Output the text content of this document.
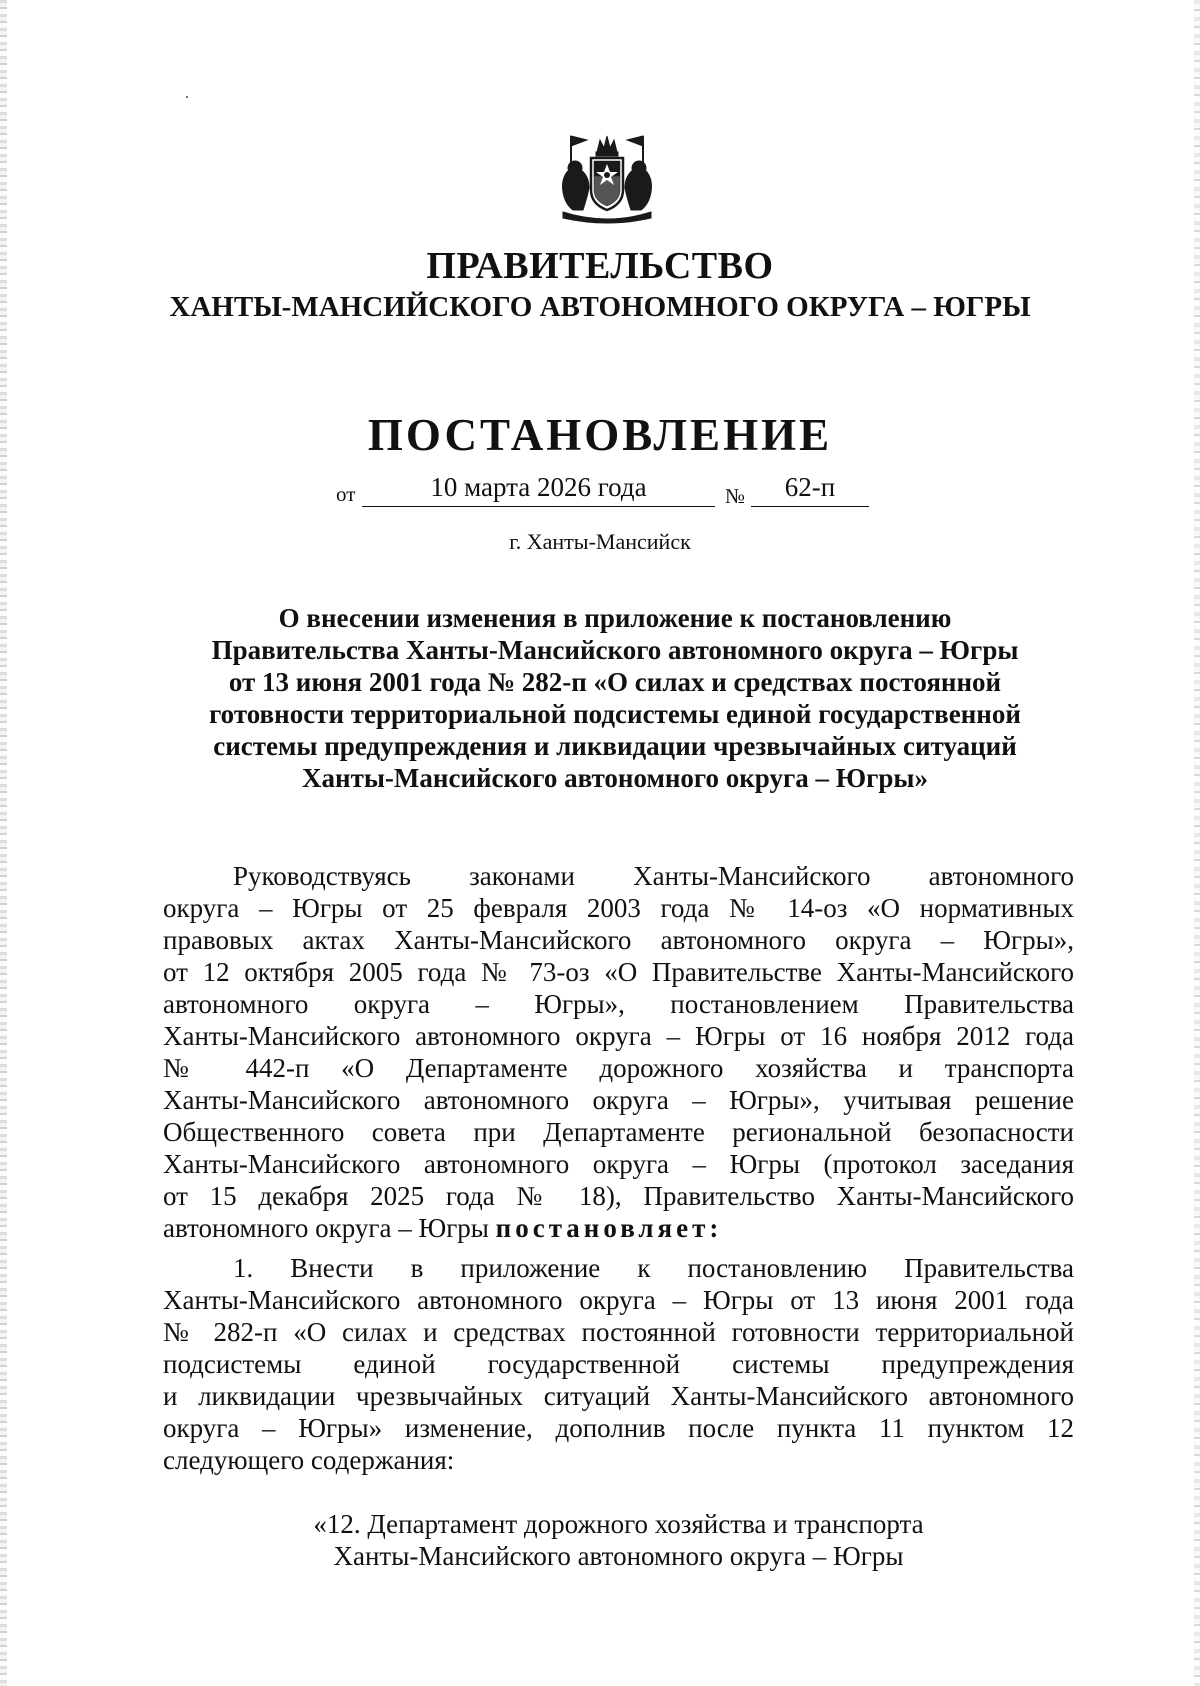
ПРАВИТЕЛЬСТВО
ХАНТЫ-МАНСИЙСКОГО АВТОНОМНОГО ОКРУГА – ЮГРЫ
ПОСТАНОВЛЕНИЕ
от	10 марта 2026 года	№	62-п
г. Ханты-Мансийск
О внесении изменения в приложение к постановлению
Правительства Ханты-Мансийского автономного округа – Югры
от 13 июня 2001 года № 282-п «О силах и средствах постоянной
готовности территориальной подсистемы единой государственной
системы предупреждения и ликвидации чрезвычайных ситуаций
Ханты-Мансийского автономного округа – Югры»
Руководствуясь законами Ханты-Мансийского автономного
округа – Югры от 25 февраля 2003 года № 14-оз «О нормативных
правовых актах Ханты-Мансийского автономного округа – Югры»,
от 12 октября 2005 года № 73-оз «О Правительстве Ханты-Мансийского
автономного округа – Югры», постановлением Правительства
Ханты-Мансийского автономного округа – Югры от 16 ноября 2012 года
№ 442-п «О Департаменте дорожного хозяйства и транспорта
Ханты-Мансийского автономного округа – Югры», учитывая решение
Общественного совета при Департаменте региональной безопасности
Ханты-Мансийского автономного округа – Югры (протокол заседания
от 15 декабря 2025 года № 18), Правительство Ханты-Мансийского
автономного округа – Югры постановляет:
1. Внести в приложение к постановлению Правительства
Ханты-Мансийского автономного округа – Югры от 13 июня 2001 года
№ 282-п «О силах и средствах постоянной готовности территориальной
подсистемы единой государственной системы предупреждения
и ликвидации чрезвычайных ситуаций Ханты-Мансийского автономного
округа – Югры» изменение, дополнив после пункта 11 пунктом 12
следующего содержания:
«12. Департамент дорожного хозяйства и транспорта
Ханты-Мансийского автономного округа – Югры
